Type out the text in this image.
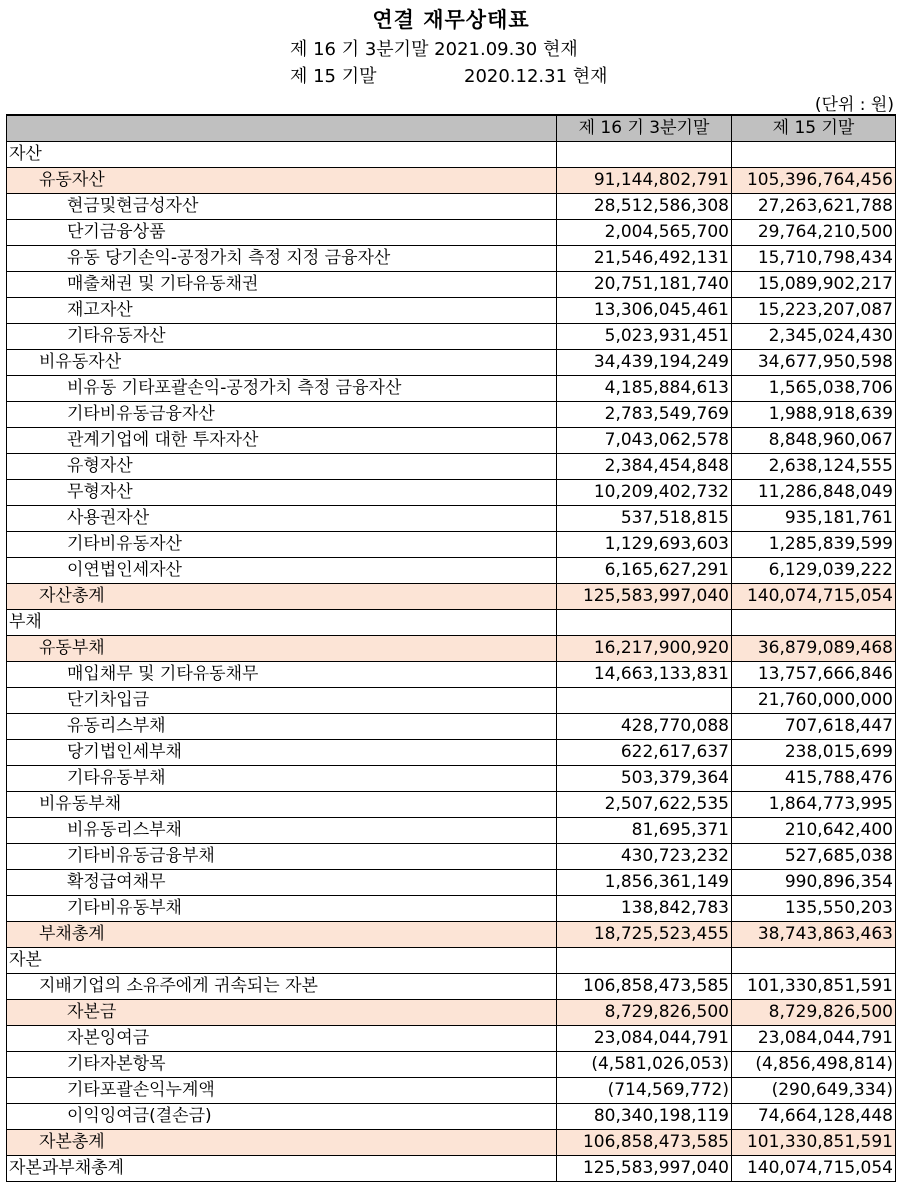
연결 재무상태표
제 16 기 3분기말 2021.09.30 현재
제 15 기말	2020.12.31 현재
(단위 : 원)
	제 16 기 3분기말	제 15 기말
자산		
유동자산	91,144,802,791	105,396,764,456
현금및현금성자산	28,512,586,308	27,263,621,788
단기금융상품	2,004,565,700	29,764,210,500
유동 당기손익-공정가치 측정 지정 금융자산	21,546,492,131	15,710,798,434
매출채권 및 기타유동채권	20,751,181,740	15,089,902,217
재고자산	13,306,045,461	15,223,207,087
기타유동자산	5,023,931,451	2,345,024,430
비유동자산	34,439,194,249	34,677,950,598
비유동 기타포괄손익-공정가치 측정 금융자산	4,185,884,613	1,565,038,706
기타비유동금융자산	2,783,549,769	1,988,918,639
관계기업에 대한 투자자산	7,043,062,578	8,848,960,067
유형자산	2,384,454,848	2,638,124,555
무형자산	10,209,402,732	11,286,848,049
사용권자산	537,518,815	935,181,761
기타비유동자산	1,129,693,603	1,285,839,599
이연법인세자산	6,165,627,291	6,129,039,222
자산총계	125,583,997,040	140,074,715,054
부채		
유동부채	16,217,900,920	36,879,089,468
매입채무 및 기타유동채무	14,663,133,831	13,757,666,846
단기차입금		21,760,000,000
유동리스부채	428,770,088	707,618,447
당기법인세부채	622,617,637	238,015,699
기타유동부채	503,379,364	415,788,476
비유동부채	2,507,622,535	1,864,773,995
비유동리스부채	81,695,371	210,642,400
기타비유동금융부채	430,723,232	527,685,038
확정급여채무	1,856,361,149	990,896,354
기타비유동부채	138,842,783	135,550,203
부채총계	18,725,523,455	38,743,863,463
자본		
지배기업의 소유주에게 귀속되는 자본	106,858,473,585	101,330,851,591
자본금	8,729,826,500	8,729,826,500
자본잉여금	23,084,044,791	23,084,044,791
기타자본항목	(4,581,026,053)	(4,856,498,814)
기타포괄손익누계액	(714,569,772)	(290,649,334)
이익잉여금(결손금)	80,340,198,119	74,664,128,448
자본총계	106,858,473,585	101,330,851,591
자본과부채총계	125,583,997,040	140,074,715,054
